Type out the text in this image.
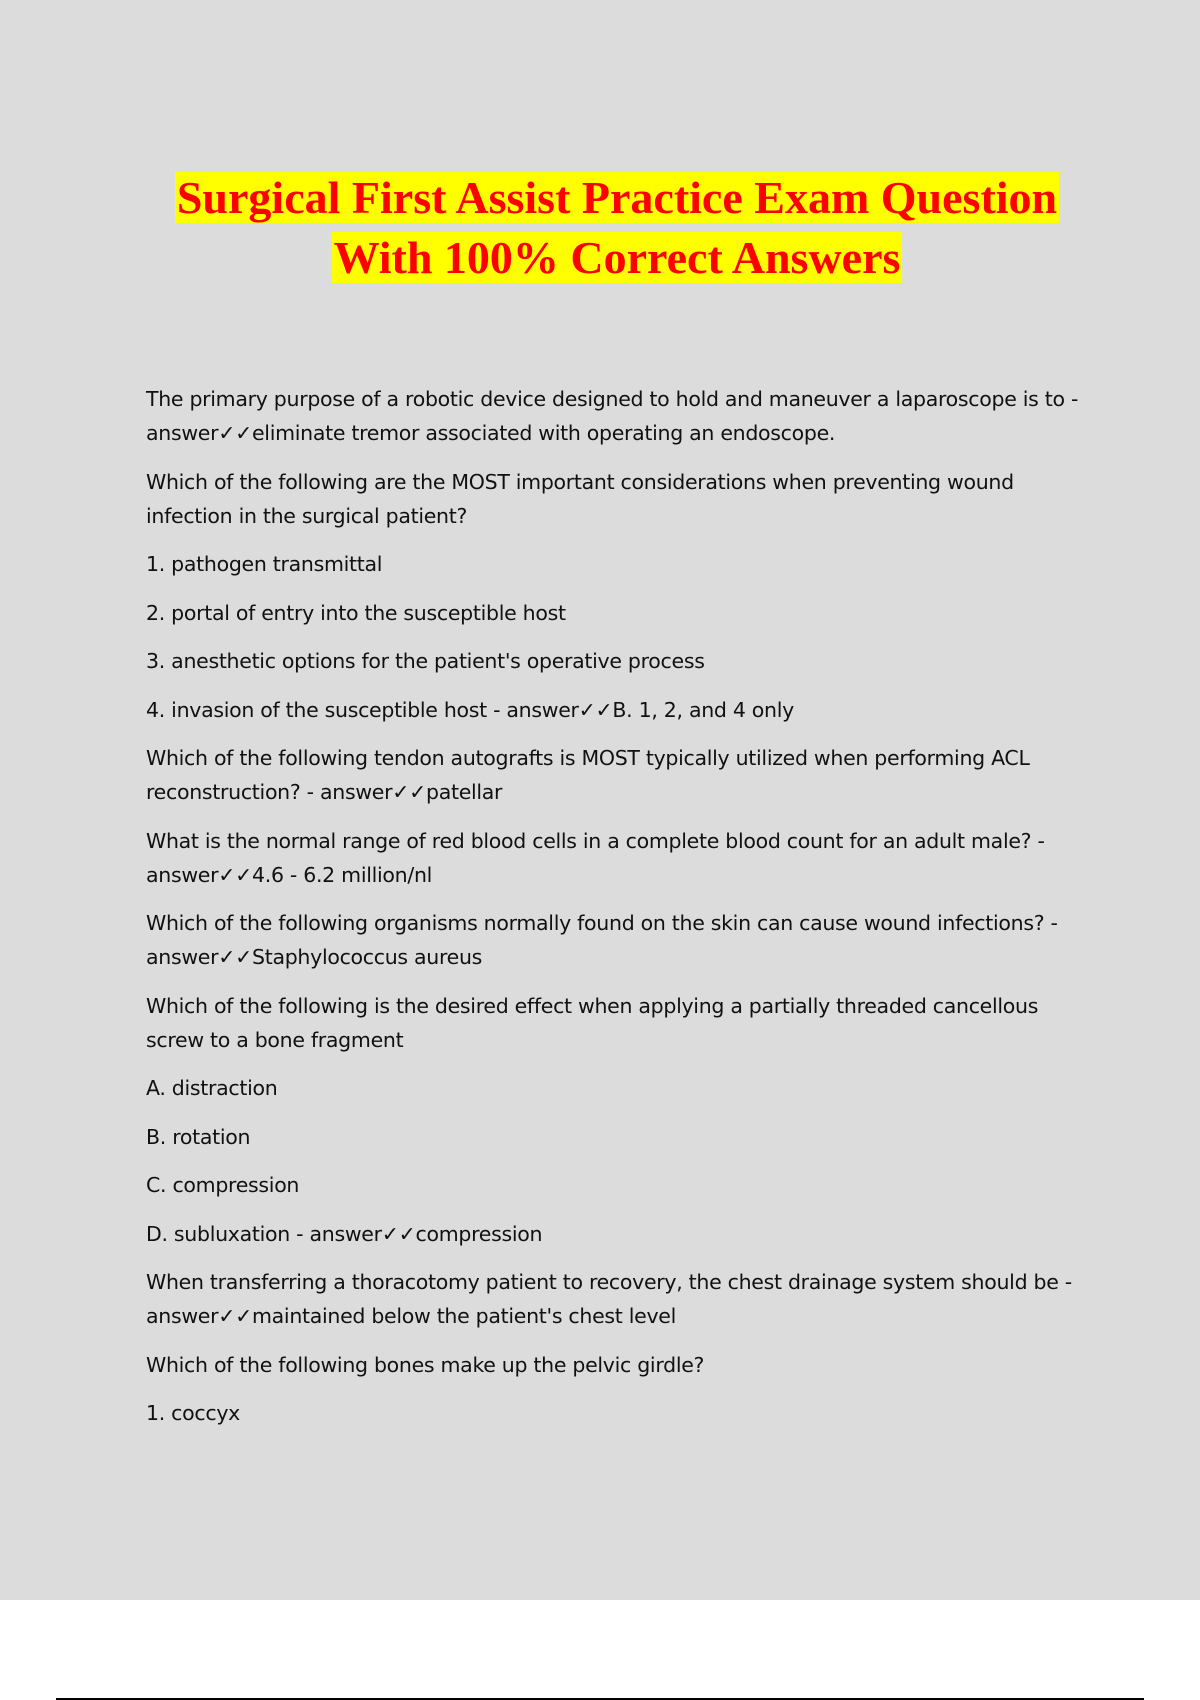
Surgical First Assist Practice Exam Question
With 100% Correct Answers

The primary purpose of a robotic device designed to hold and maneuver a laparoscope is to - answer✓✓eliminate tremor associated with operating an endoscope.

Which of the following are the MOST important considerations when preventing wound infection in the surgical patient?

1. pathogen transmittal

2. portal of entry into the susceptible host

3. anesthetic options for the patient's operative process

4. invasion of the susceptible host - answer✓✓B. 1, 2, and 4 only

Which of the following tendon autografts is MOST typically utilized when performing ACL reconstruction? - answer✓✓patellar

What is the normal range of red blood cells in a complete blood count for an adult male? - answer✓✓4.6 - 6.2 million/nl

Which of the following organisms normally found on the skin can cause wound infections? - answer✓✓Staphylococcus aureus

Which of the following is the desired effect when applying a partially threaded cancellous screw to a bone fragment

A. distraction

B. rotation

C. compression

D. subluxation - answer✓✓compression

When transferring a thoracotomy patient to recovery, the chest drainage system should be - answer✓✓maintained below the patient's chest level

Which of the following bones make up the pelvic girdle?

1. coccyx
